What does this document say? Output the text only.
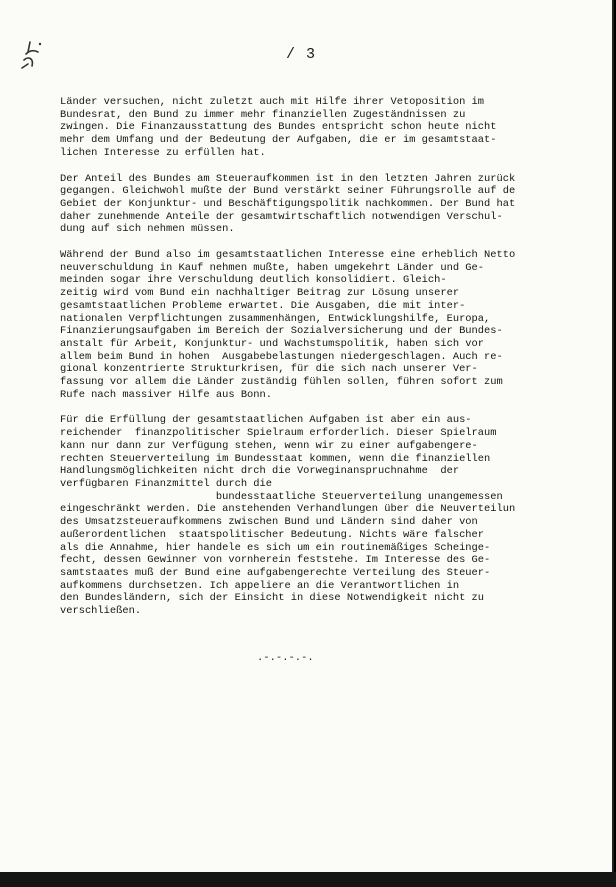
/ 3
Länder versuchen, nicht zuletzt auch mit Hilfe ihrer Vetoposition im
Bundesrat, den Bund zu immer mehr finanziellen Zugeständnissen zu
zwingen. Die Finanzausstattung des Bundes entspricht schon heute nicht
mehr dem Umfang und der Bedeutung der Aufgaben, die er im gesamtstaat-
lichen Interesse zu erfüllen hat.
Der Anteil des Bundes am Steueraufkommen ist in den letzten Jahren zurück
gegangen. Gleichwohl mußte der Bund verstärkt seiner Führungsrolle auf de
Gebiet der Konjunktur- und Beschäftigungspolitik nachkommen. Der Bund hat
daher zunehmende Anteile der gesamtwirtschaftlich notwendigen Verschul-
dung auf sich nehmen müssen.
Während der Bund also im gesamtstaatlichen Interesse eine erheblich Netto
neuverschuldung in Kauf nehmen mußte, haben umgekehrt Länder und Ge-
meinden sogar ihre Verschuldung deutlich konsolidiert. Gleich-
zeitig wird vom Bund ein nachhaltiger Beitrag zur Lösung unserer
gesamtstaatlichen Probleme erwartet. Die Ausgaben, die mit inter-
nationalen Verpflichtungen zusammenhängen, Entwicklungshilfe, Europa,
Finanzierungsaufgaben im Bereich der Sozialversicherung und der Bundes-
anstalt für Arbeit, Konjunktur- und Wachstumspolitik, haben sich vor
allem beim Bund in hohen  Ausgabebelastungen niedergeschlagen. Auch re-
gional konzentrierte Strukturkrisen, für die sich nach unserer Ver-
fassung vor allem die Länder zuständig fühlen sollen, führen sofort zum
Rufe nach massiver Hilfe aus Bonn.
Für die Erfüllung der gesamtstaatlichen Aufgaben ist aber ein aus-
reichender  finanzpolitischer Spielraum erforderlich. Dieser Spielraum
kann nur dann zur Verfügung stehen, wenn wir zu einer aufgabengere-
rechten Steuerverteilung im Bundesstaat kommen, wenn die finanziellen
Handlungsmöglichkeiten nicht drch die Vorweginanspruchnahme  der
verfügbaren Finanzmittel durch die
bundesstaatliche Steuerverteilung unangemessen
eingeschränkt werden. Die anstehenden Verhandlungen über die Neuverteilun
des Umsatzsteueraufkommens zwischen Bund und Ländern sind daher von
außerordentlichen  staatspolitischer Bedeutung. Nichts wäre falscher
als die Annahme, hier handele es sich um ein routinemäßiges Scheinge-
fecht, dessen Gewinner von vornherein feststehe. Im Interesse des Ge-
samtstaates muß der Bund eine aufgabengerechte Verteilung des Steuer-
aufkommens durchsetzen. Ich appeliere an die Verantwortlichen in
den Bundesländern, sich der Einsicht in diese Notwendigkeit nicht zu
verschließen.
.-.-.-.-.
